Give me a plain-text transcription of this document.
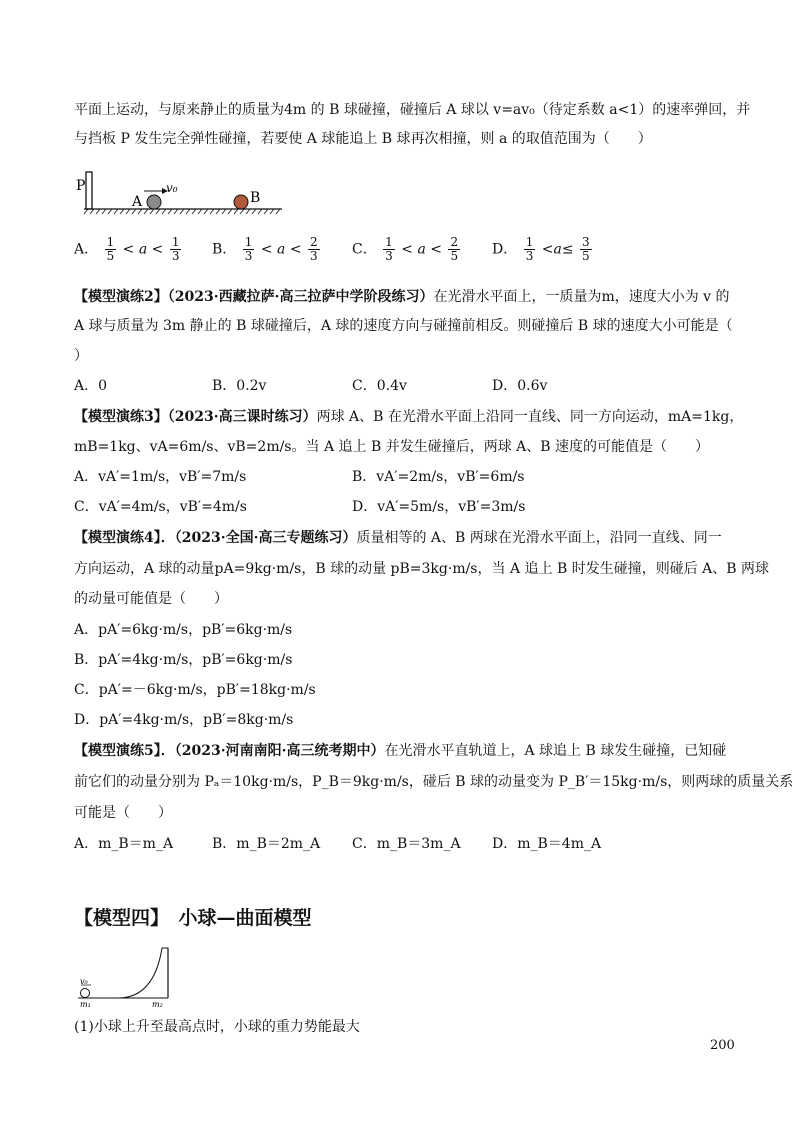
平面上运动，与原来静止的质量为4m 的 B 球碰撞，碰撞后 A 球以 v=av₀（待定系数 a<1）的速率弹回，并
与挡板 P 发生完全弹性碰撞，若要使 A 球能追上 B 球再次相撞，则 a 的取值范围为（　　）
P
A
v₀
B
A． $\frac{1}{5} < a < \frac{1}{3}$ B． $\frac{1}{3} < a < \frac{2}{3}$ C． $\frac{1}{3} < a < \frac{2}{5}$ D． $\frac{1}{3} <a\le \frac{3}{5}$
【模型演练2】（2023·西藏拉萨·高三拉萨中学阶段练习）在光滑水平面上，一质量为m，速度大小为 v 的
A 球与质量为 3m 静止的 B 球碰撞后，A 球的速度方向与碰撞前相反。则碰撞后 B 球的速度大小可能是（
）
A．0	B．0.2v	C．0.4v	D．0.6v
【模型演练3】（2023·高三课时练习）两球 A、B 在光滑水平面上沿同一直线、同一方向运动，mA=1kg，
mB=1kg、vA=6m/s、vB=2m/s。当 A 追上 B 并发生碰撞后，两球 A、B 速度的可能值是（　　）
A．vA′=1m/s，vB′=7m/s	B．vA′=2m/s，vB′=6m/s
C．vA′=4m/s，vB′=4m/s	D．vA′=5m/s，vB′=3m/s
【模型演练4】．（2023·全国·高三专题练习）质量相等的 A、B 两球在光滑水平面上，沿同一直线、同一
方向运动，A 球的动量pA=9kg·m/s，B 球的动量 pB=3kg·m/s，当 A 追上 B 时发生碰撞，则碰后 A、B 两球
的动量可能值是（　　）
A．pA′=6kg·m/s，pB′=6kg·m/s
B．pA′=4kg·m/s，pB′=6kg·m/s
C．pA′=－6kg·m/s，pB′=18kg·m/s
D．pA′=4kg·m/s，pB′=8kg·m/s
【模型演练5】．（2023·河南南阳·高三统考期中）在光滑水平直轨道上，A 球追上 B 球发生碰撞，已知碰
前它们的动量分别为 Pₐ＝10kg·m/s，P_B＝9kg·m/s，碰后 B 球的动量变为 P_B′＝15kg·m/s，则两球的质量关系
可能是（　　）
A．m_B＝m_A	B．m_B＝2m_A C．m_B＝3m_A D．m_B＝4m_A
【模型四】　小球—曲面模型
v₀
m₁	m₂
(1)小球上升至最高点时，小球的重力势能最大
200
